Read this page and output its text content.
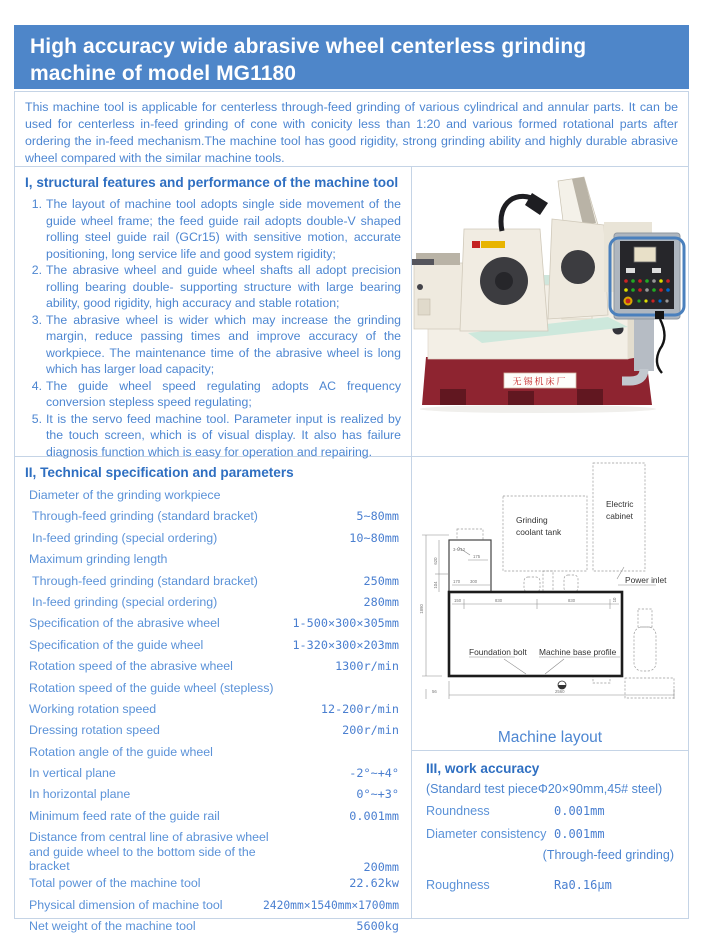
High accuracy wide abrasive wheel centerless grinding machine of model MG1180
This machine tool is applicable for centerless through-feed grinding of various cylindrical and annular parts. It can be used for centerless in-feed grinding of cone with conicity less than 1:20 and various formed rotational parts after ordering the in-feed mechanism.The machine tool has good rigidity, strong grinding ability and highly durable abrasive wheel compared with the similar machine tools.
I, structural features and performance of the machine tool
1. The layout of machine tool adopts single side movement of the guide wheel frame; the feed guide rail adopts double-V shaped rolling steel guide rail (GCr15) with sensitive motion, accurate positioning, long service life and good system rigidity;
2. The abrasive wheel and guide wheel shafts all adopt precision rolling bearing double- supporting structure with large bearing ability, good rigidity, high accuracy and stable rotation;
3. The abrasive wheel is wider which may increase the grinding margin, reduce passing times and improve accuracy of the workpiece. The maintenance time of the abrasive wheel is long which has larger load capacity;
4. The guide wheel speed regulating adopts AC frequency conversion stepless speed regulating;
5. It is the servo feed machine tool. Parameter input is realized by the touch screen, which is of visual display. It also has failure diagnosis function which is easy for operation and repairing.
II, Technical specification and parameters
Diameter of the grinding workpiece
Through-feed grinding (standard bracket)	5~80mm
In-feed grinding (special ordering)	10~80mm
Maximum grinding length
Through-feed grinding (standard bracket)	250mm
In-feed grinding (special ordering)	280mm
Specification of the abrasive wheel	1-500×300×305mm
Specification of the guide wheel	1-320×300×203mm
Rotation speed of the abrasive wheel	1300r/min
Rotation speed of the guide wheel (stepless)
Working rotation speed	12-200r/min
Dressing rotation speed	200r/min
Rotation angle of the guide wheel
In vertical plane	-2°~+4°
In horizontal plane	0°~+3°
Minimum feed rate of the guide rail	0.001mm
Distance from central line of abrasive wheel and guide wheel to the bottom side of the bracket	200mm
Total power of the machine tool	22.62kw
Physical dimension of machine tool	2420mm×1540mm×1700mm
Net weight of the machine tool	5600kg
无锡机床厂
1890
620
104
3-M12
175
170 300
150	830	830	10
56	2560
Grinding
coolant tank
Electric
cabinet
Power inlet
Foundation bolt Machine base profile
Machine layout
III, work accuracy
(Standard test pieceΦ20×90mm,45# steel)
Roundness	0.001mm
Diameter consistency 0.001mm
(Through-feed grinding)
Roughness	Ra0.16μm
